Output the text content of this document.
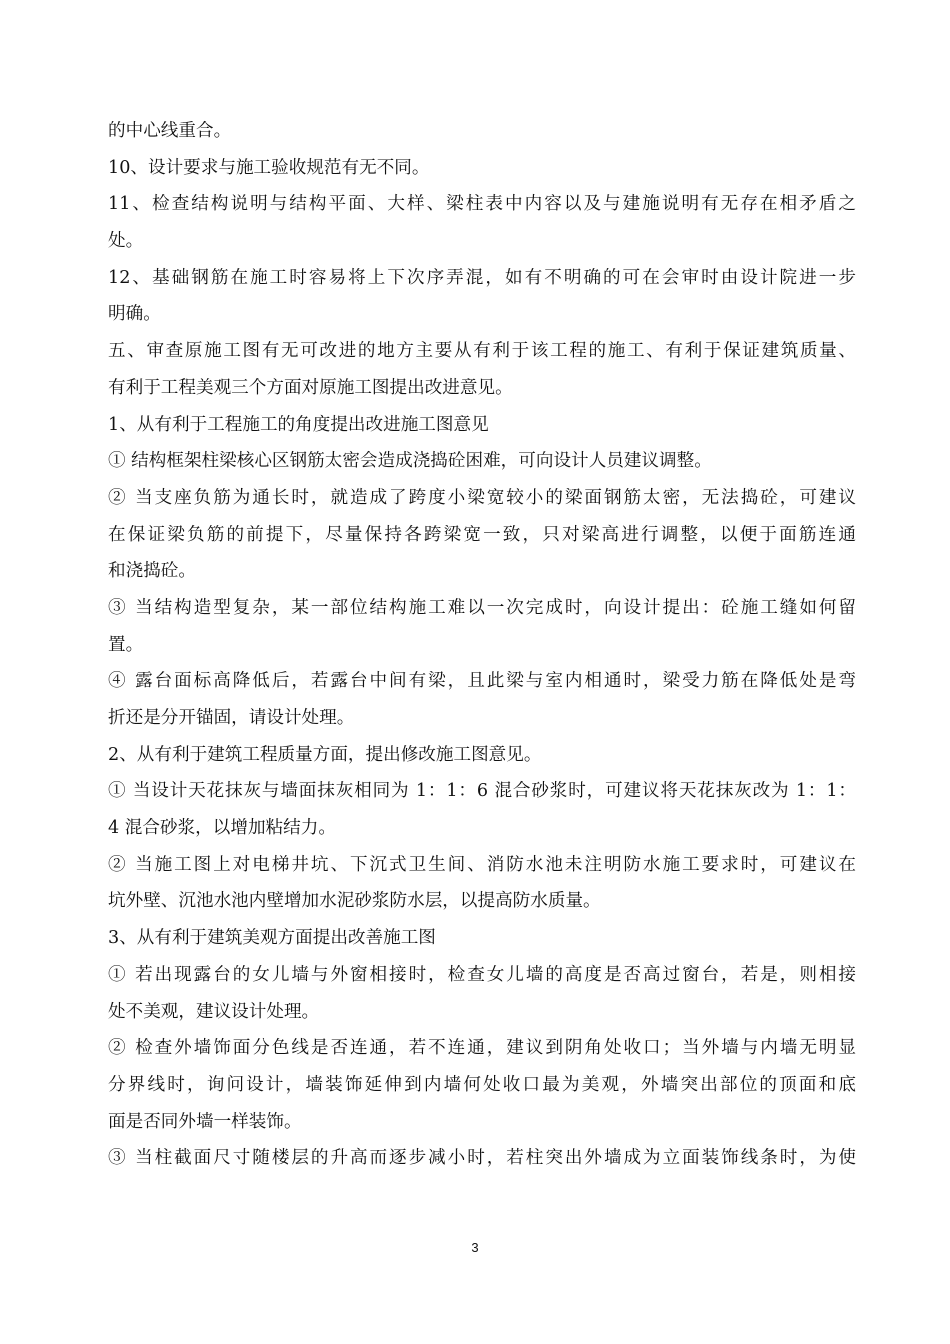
的中心线重合。
10、设计要求与施工验收规范有无不同。
11、检查结构说明与结构平面、大样、梁柱表中内容以及与建施说明有无存在相矛盾之
处。
12、基础钢筋在施工时容易将上下次序弄混，如有不明确的可在会审时由设计院进一步
明确。
五、审查原施工图有无可改进的地方主要从有利于该工程的施工、有利于保证建筑质量、
有利于工程美观三个方面对原施工图提出改进意见。
1、从有利于工程施工的角度提出改进施工图意见
① 结构框架柱梁核心区钢筋太密会造成浇捣砼困难，可向设计人员建议调整。
② 当支座负筋为通长时，就造成了跨度小梁宽较小的梁面钢筋太密，无法捣砼，可建议
在保证梁负筋的前提下，尽量保持各跨梁宽一致，只对梁高进行调整，以便于面筋连通
和浇捣砼。
③ 当结构造型复杂，某一部位结构施工难以一次完成时，向设计提出：砼施工缝如何留
置。
④ 露台面标高降低后，若露台中间有梁，且此梁与室内相通时，梁受力筋在降低处是弯
折还是分开锚固，请设计处理。
2、从有利于建筑工程质量方面，提出修改施工图意见。
① 当设计天花抹灰与墙面抹灰相同为 1：1：6 混合砂浆时，可建议将天花抹灰改为 1：1：
4 混合砂浆，以增加粘结力。
② 当施工图上对电梯井坑、下沉式卫生间、消防水池未注明防水施工要求时，可建议在
坑外壁、沉池水池内壁增加水泥砂浆防水层，以提高防水质量。
3、从有利于建筑美观方面提出改善施工图
① 若出现露台的女儿墙与外窗相接时，检查女儿墙的高度是否高过窗台，若是，则相接
处不美观，建议设计处理。
② 检查外墙饰面分色线是否连通，若不连通，建议到阴角处收口；当外墙与内墙无明显
分界线时，询问设计，墙装饰延伸到内墙何处收口最为美观，外墙突出部位的顶面和底
面是否同外墙一样装饰。
③ 当柱截面尺寸随楼层的升高而逐步减小时，若柱突出外墙成为立面装饰线条时，为使
3
